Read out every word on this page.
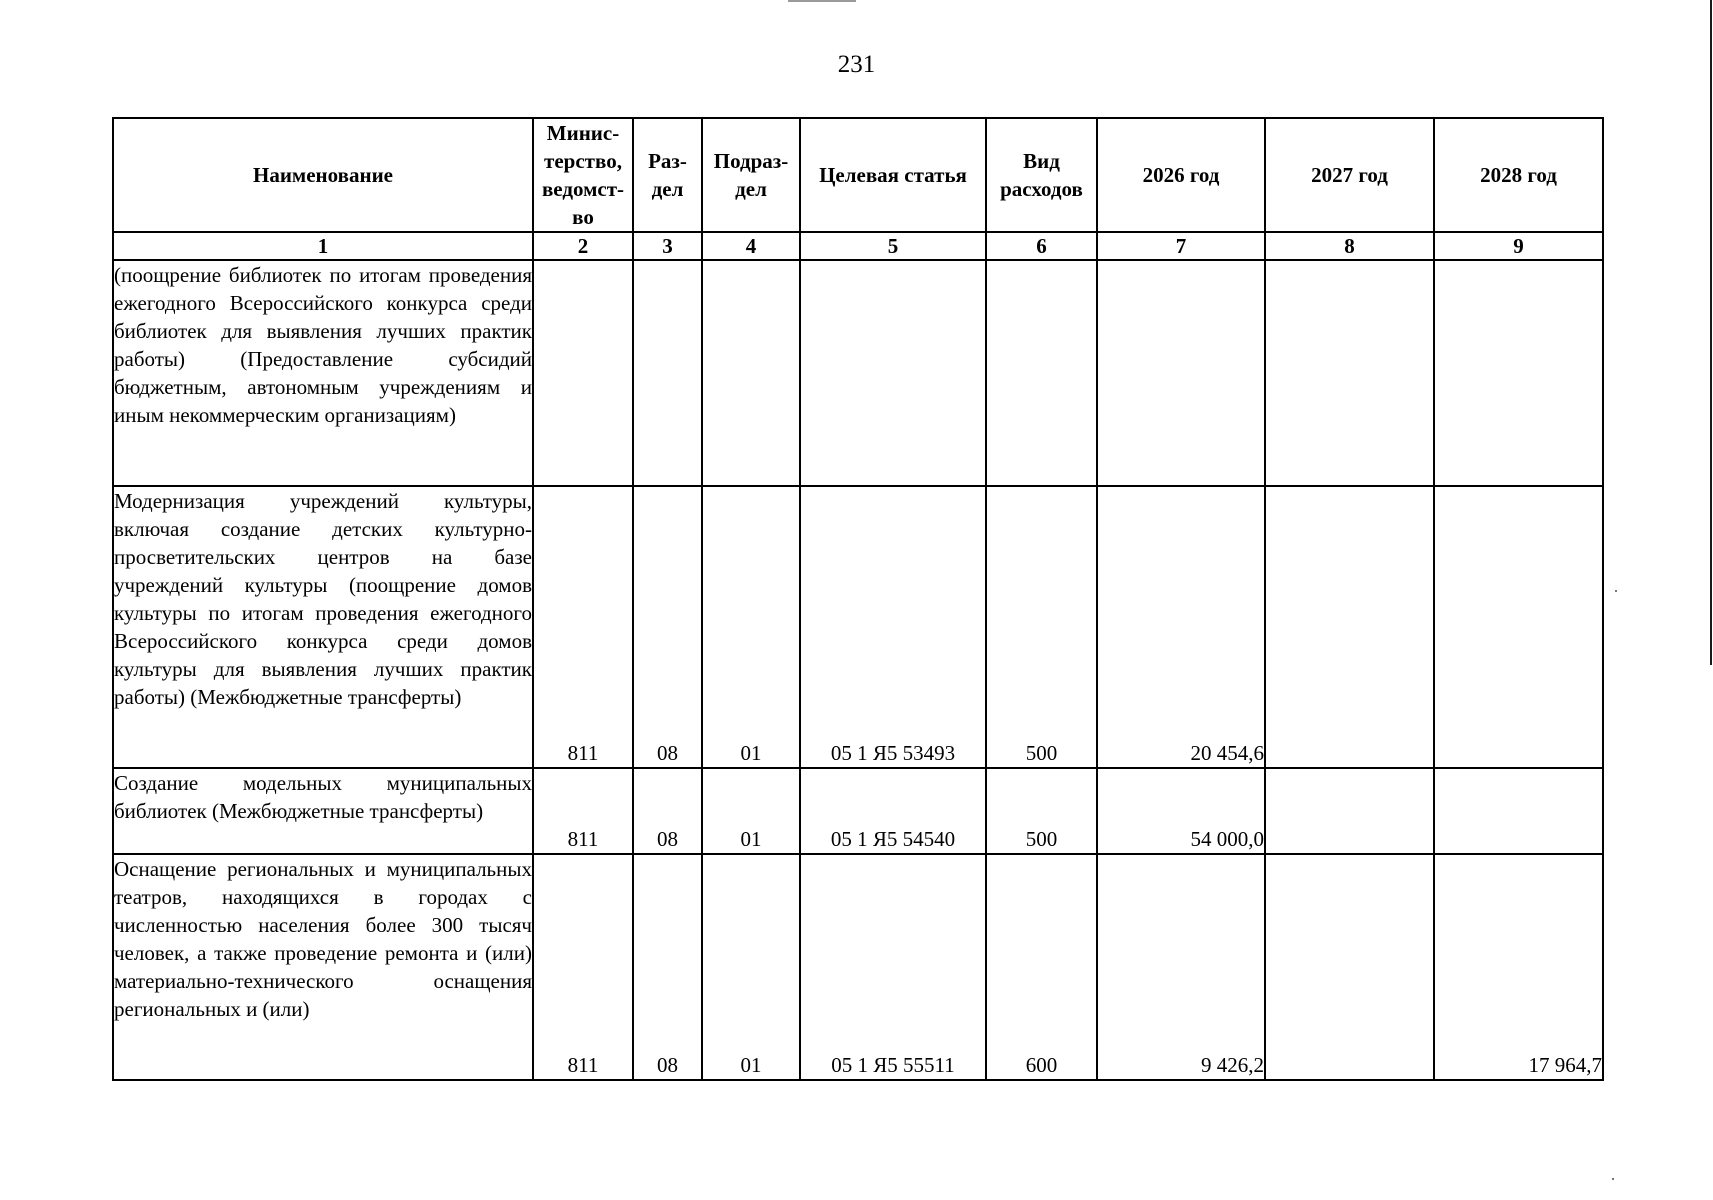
231
Наименование	Минис-терство, ведомст-во	Раз-дел	Подраз-дел	Целевая статья	Вид расходов	2026 год	2027 год	2028 год
1	2	3	4	5	6	7	8	9
(поощрение библиотек по итогам проведения ежегодного Всероссийского конкурса среди библиотек для выявления лучших практик работы) (Предоставление субсидий бюджетным, автономным учреждениям и иным некоммерческим организациям)								
Модернизация учреждений культуры, включая создание детских культурно-просветительских центров на базе учреждений культуры (поощрение домов культуры по итогам проведения ежегодного Всероссийского конкурса среди домов культуры для выявления лучших практик работы) (Межбюджетные трансферты)	811	08	01	05 1 Я5 53493	500	20 454,6		
Создание модельных муниципальных библиотек (Межбюджетные трансферты)	811	08	01	05 1 Я5 54540	500	54 000,0		
Оснащение региональных и муниципальных театров, находящихся в городах с численностью населения более 300 тысяч человек, а также проведение ремонта и (или) материально-технического оснащения региональных и (или)	811	08	01	05 1 Я5 55511	600	9 426,2		17 964,7
